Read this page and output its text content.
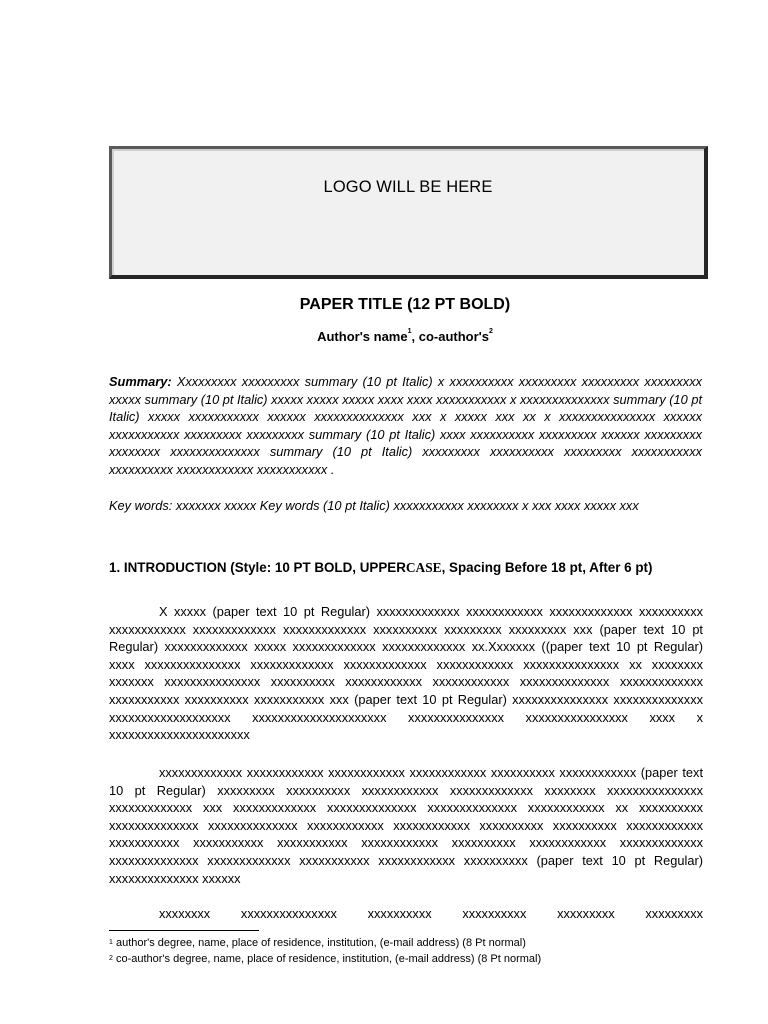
LOGO WILL BE HERE
PAPER TITLE (12 PT BOLD)
Author's name$^1$, $co-author's^2$

Summary: Xxxxxxxxx xxxxxxxxx summary (10 pt Italic) x xxxxxxxxxx xxxxxxxxx xxxxxxxxx xxxxxxxxx xxxxx summary (10 pt Italic) xxxxx xxxxx xxxxx xxxx xxxx xxxxxxxxxxx x xxxxxxxxxxxxxx summary (10 pt Italic) xxxxx xxxxxxxxxxx xxxxxx xxxxxxxxxxxxxx xxx x xxxxx xxx xx x xxxxxxxxxxxxxxx xxxxxx xxxxxxxxxxx xxxxxxxxx xxxxxxxxx summary (10 pt Italic) xxxx xxxxxxxxxx xxxxxxxxx xxxxxx xxxxxxxxx xxxxxxxx xxxxxxxxxxxxxx summary (10 pt Italic) xxxxxxxxx xxxxxxxxxx xxxxxxxxx xxxxxxxxxxx xxxxxxxxxx xxxxxxxxxxxx xxxxxxxxxxx .

Key words: xxxxxxx xxxxx Key words (10 pt Italic) xxxxxxxxxxx xxxxxxxx x xxx xxxx xxxxx xxx

1. INTRODUCTION (Style: 10 PT BOLD, UPPERCASE, Spacing Before 18 pt, After 6 pt)

X xxxxx (paper text 10 pt Regular) xxxxxxxxxxxxx xxxxxxxxxxxx xxxxxxxxxxxxx xxxxxxxxxx xxxxxxxxxxxx xxxxxxxxxxxxx xxxxxxxxxxxxx xxxxxxxxxx xxxxxxxxx xxxxxxxxx xxx (paper text 10 pt Regular) xxxxxxxxxxxxx xxxxx xxxxxxxxxxxxx xxxxxxxxxxxxx xx.Xxxxxxx ((paper text 10 pt Regular) xxxx xxxxxxxxxxxxxxx xxxxxxxxxxxxx xxxxxxxxxxxxx xxxxxxxxxxxx xxxxxxxxxxxxxxx xx xxxxxxxx xxxxxxx xxxxxxxxxxxxxxx xxxxxxxxxx xxxxxxxxxxxx xxxxxxxxxxxx xxxxxxxxxxxxxx xxxxxxxxxxxxx xxxxxxxxxxx xxxxxxxxxx xxxxxxxxxxx xxx (paper text 10 pt Regular) xxxxxxxxxxxxxxx xxxxxxxxxxxxxx xxxxxxxxxxxxxxxxxxx xxxxxxxxxxxxxxxxxxxxx xxxxxxxxxxxxxxx xxxxxxxxxxxxxxxx xxxx x xxxxxxxxxxxxxxxxxxxxxx

xxxxxxxxxxxxx xxxxxxxxxxxx xxxxxxxxxxxx xxxxxxxxxxxx xxxxxxxxxx xxxxxxxxxxxx (paper text 10 pt Regular) xxxxxxxxx xxxxxxxxxx xxxxxxxxxxxx xxxxxxxxxxxxx xxxxxxxx xxxxxxxxxxxxxxx xxxxxxxxxxxxx xxx xxxxxxxxxxxxx xxxxxxxxxxxxxx xxxxxxxxxxxxxx xxxxxxxxxxxx xx xxxxxxxxxx xxxxxxxxxxxxxx xxxxxxxxxxxxxx xxxxxxxxxxxx xxxxxxxxxxxx xxxxxxxxxx xxxxxxxxxx xxxxxxxxxxxx xxxxxxxxxxx xxxxxxxxxxx xxxxxxxxxxx xxxxxxxxxxxx xxxxxxxxxx xxxxxxxxxxxx xxxxxxxxxxxxx xxxxxxxxxxxxxx xxxxxxxxxxxxx xxxxxxxxxxx xxxxxxxxxxxx xxxxxxxxxx (paper text 10 pt Regular) xxxxxxxxxxxxxx xxxxxx

xxxxxxxx xxxxxxxxxxxxxxx xxxxxxxxxx xxxxxxxxxx xxxxxxxxx xxxxxxxxx

$^1$ author's degree, name, place of residence, institution, (e-mail address) (8 Pt normal)
$^2$ co-author's degree, name, place of residence, institution, (e-mail address) (8 Pt normal)
